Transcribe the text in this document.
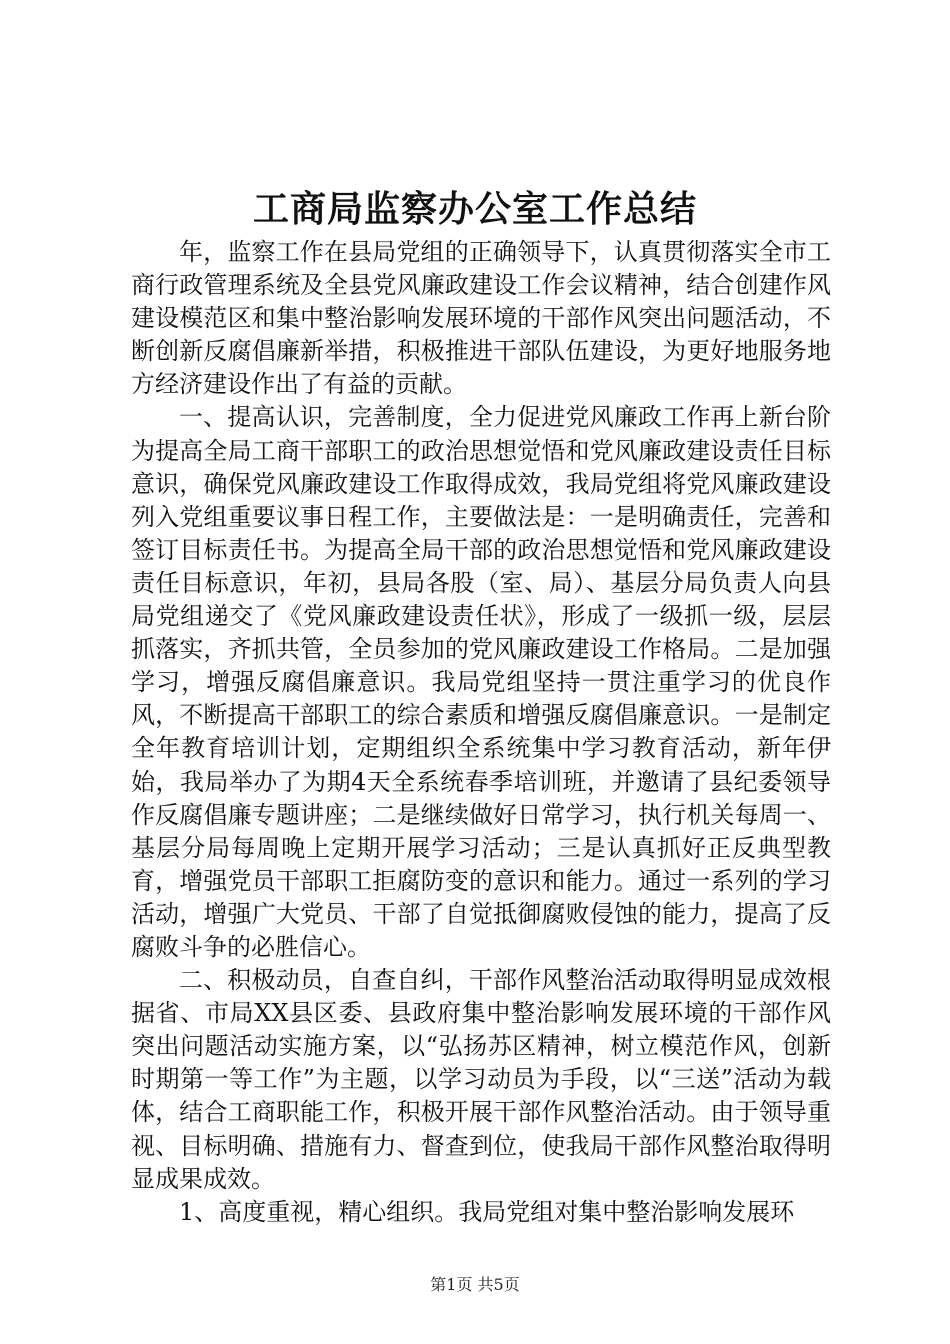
工商局监察办公室工作总结

年，监察工作在县局党组的正确领导下，认真贯彻落实全市工商行政管理系统及全县党风廉政建设工作会议精神，结合创建作风建设模范区和集中整治影响发展环境的干部作风突出问题活动，不断创新反腐倡廉新举措，积极推进干部队伍建设，为更好地服务地方经济建设作出了有益的贡献。

一、提高认识，完善制度，全力促进党风廉政工作再上新台阶为提高全局工商干部职工的政治思想觉悟和党风廉政建设责任目标意识，确保党风廉政建设工作取得成效，我局党组将党风廉政建设列入党组重要议事日程工作，主要做法是：一是明确责任，完善和签订目标责任书。为提高全局干部的政治思想觉悟和党风廉政建设责任目标意识，年初，县局各股（室、局）、基层分局负责人向县局党组递交了《党风廉政建设责任状》，形成了一级抓一级，层层抓落实，齐抓共管，全员参加的党风廉政建设工作格局。二是加强学习，增强反腐倡廉意识。我局党组坚持一贯注重学习的优良作风，不断提高干部职工的综合素质和增强反腐倡廉意识。一是制定全年教育培训计划，定期组织全系统集中学习教育活动，新年伊始，我局举办了为期4天全系统春季培训班，并邀请了县纪委领导作反腐倡廉专题讲座；二是继续做好日常学习，执行机关每周一、基层分局每周晚上定期开展学习活动；三是认真抓好正反典型教育，增强党员干部职工拒腐防变的意识和能力。通过一系列的学习活动，增强广大党员、干部了自觉抵御腐败侵蚀的能力，提高了反腐败斗争的必胜信心。

二、积极动员，自查自纠，干部作风整治活动取得明显成效根据省、市局XX县区委、县政府集中整治影响发展环境的干部作风突出问题活动实施方案，以“弘扬苏区精神，树立模范作风，创新时期第一等工作”为主题，以学习动员为手段，以“三送”活动为载体，结合工商职能工作，积极开展干部作风整治活动。由于领导重视、目标明确、措施有力、督查到位，使我局干部作风整治取得明显成果成效。

1、高度重视，精心组织。我局党组对集中整治影响发展环

第1页 共5页
